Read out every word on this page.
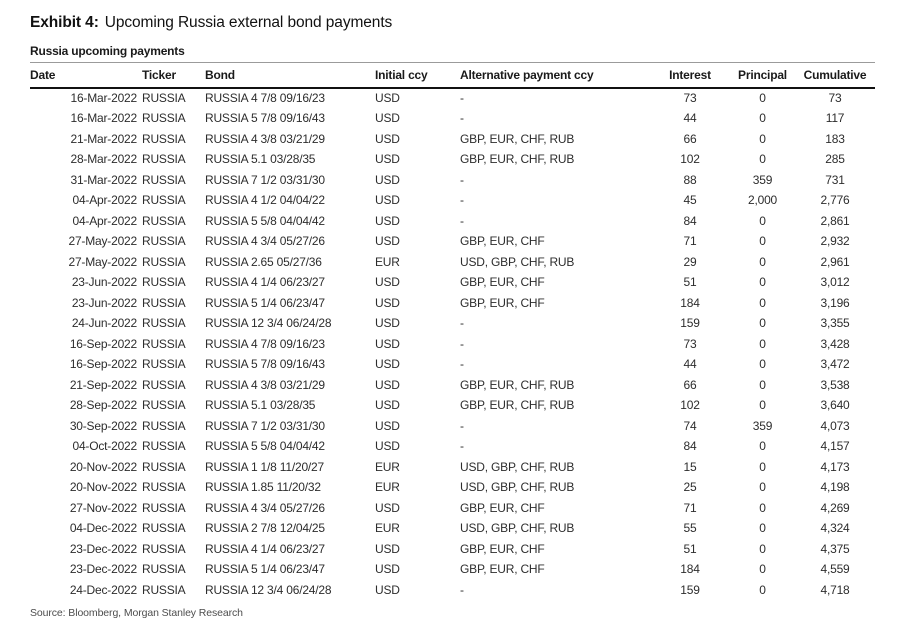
Exhibit 4: Upcoming Russia external bond payments
Russia upcoming payments
Date	Ticker	Bond	Initial ccy	Alternative payment ccy	Interest	Principal	Cumulative
16-Mar-2022	RUSSIA	RUSSIA 4 7/8 09/16/23	USD	-	73	0	73
16-Mar-2022	RUSSIA	RUSSIA 5 7/8 09/16/43	USD	-	44	0	117
21-Mar-2022	RUSSIA	RUSSIA 4 3/8 03/21/29	USD	GBP, EUR, CHF, RUB	66	0	183
28-Mar-2022	RUSSIA	RUSSIA 5.1 03/28/35	USD	GBP, EUR, CHF, RUB	102	0	285
31-Mar-2022	RUSSIA	RUSSIA 7 1/2 03/31/30	USD	-	88	359	731
04-Apr-2022	RUSSIA	RUSSIA 4 1/2 04/04/22	USD	-	45	2,000	2,776
04-Apr-2022	RUSSIA	RUSSIA 5 5/8 04/04/42	USD	-	84	0	2,861
27-May-2022	RUSSIA	RUSSIA 4 3/4 05/27/26	USD	GBP, EUR, CHF	71	0	2,932
27-May-2022	RUSSIA	RUSSIA 2.65 05/27/36	EUR	USD, GBP, CHF, RUB	29	0	2,961
23-Jun-2022	RUSSIA	RUSSIA 4 1/4 06/23/27	USD	GBP, EUR, CHF	51	0	3,012
23-Jun-2022	RUSSIA	RUSSIA 5 1/4 06/23/47	USD	GBP, EUR, CHF	184	0	3,196
24-Jun-2022	RUSSIA	RUSSIA 12 3/4 06/24/28	USD	-	159	0	3,355
16-Sep-2022	RUSSIA	RUSSIA 4 7/8 09/16/23	USD	-	73	0	3,428
16-Sep-2022	RUSSIA	RUSSIA 5 7/8 09/16/43	USD	-	44	0	3,472
21-Sep-2022	RUSSIA	RUSSIA 4 3/8 03/21/29	USD	GBP, EUR, CHF, RUB	66	0	3,538
28-Sep-2022	RUSSIA	RUSSIA 5.1 03/28/35	USD	GBP, EUR, CHF, RUB	102	0	3,640
30-Sep-2022	RUSSIA	RUSSIA 7 1/2 03/31/30	USD	-	74	359	4,073
04-Oct-2022	RUSSIA	RUSSIA 5 5/8 04/04/42	USD	-	84	0	4,157
20-Nov-2022	RUSSIA	RUSSIA 1 1/8 11/20/27	EUR	USD, GBP, CHF, RUB	15	0	4,173
20-Nov-2022	RUSSIA	RUSSIA 1.85 11/20/32	EUR	USD, GBP, CHF, RUB	25	0	4,198
27-Nov-2022	RUSSIA	RUSSIA 4 3/4 05/27/26	USD	GBP, EUR, CHF	71	0	4,269
04-Dec-2022	RUSSIA	RUSSIA 2 7/8 12/04/25	EUR	USD, GBP, CHF, RUB	55	0	4,324
23-Dec-2022	RUSSIA	RUSSIA 4 1/4 06/23/27	USD	GBP, EUR, CHF	51	0	4,375
23-Dec-2022	RUSSIA	RUSSIA 5 1/4 06/23/47	USD	GBP, EUR, CHF	184	0	4,559
24-Dec-2022	RUSSIA	RUSSIA 12 3/4 06/24/28	USD	-	159	0	4,718
Source: Bloomberg, Morgan Stanley Research
